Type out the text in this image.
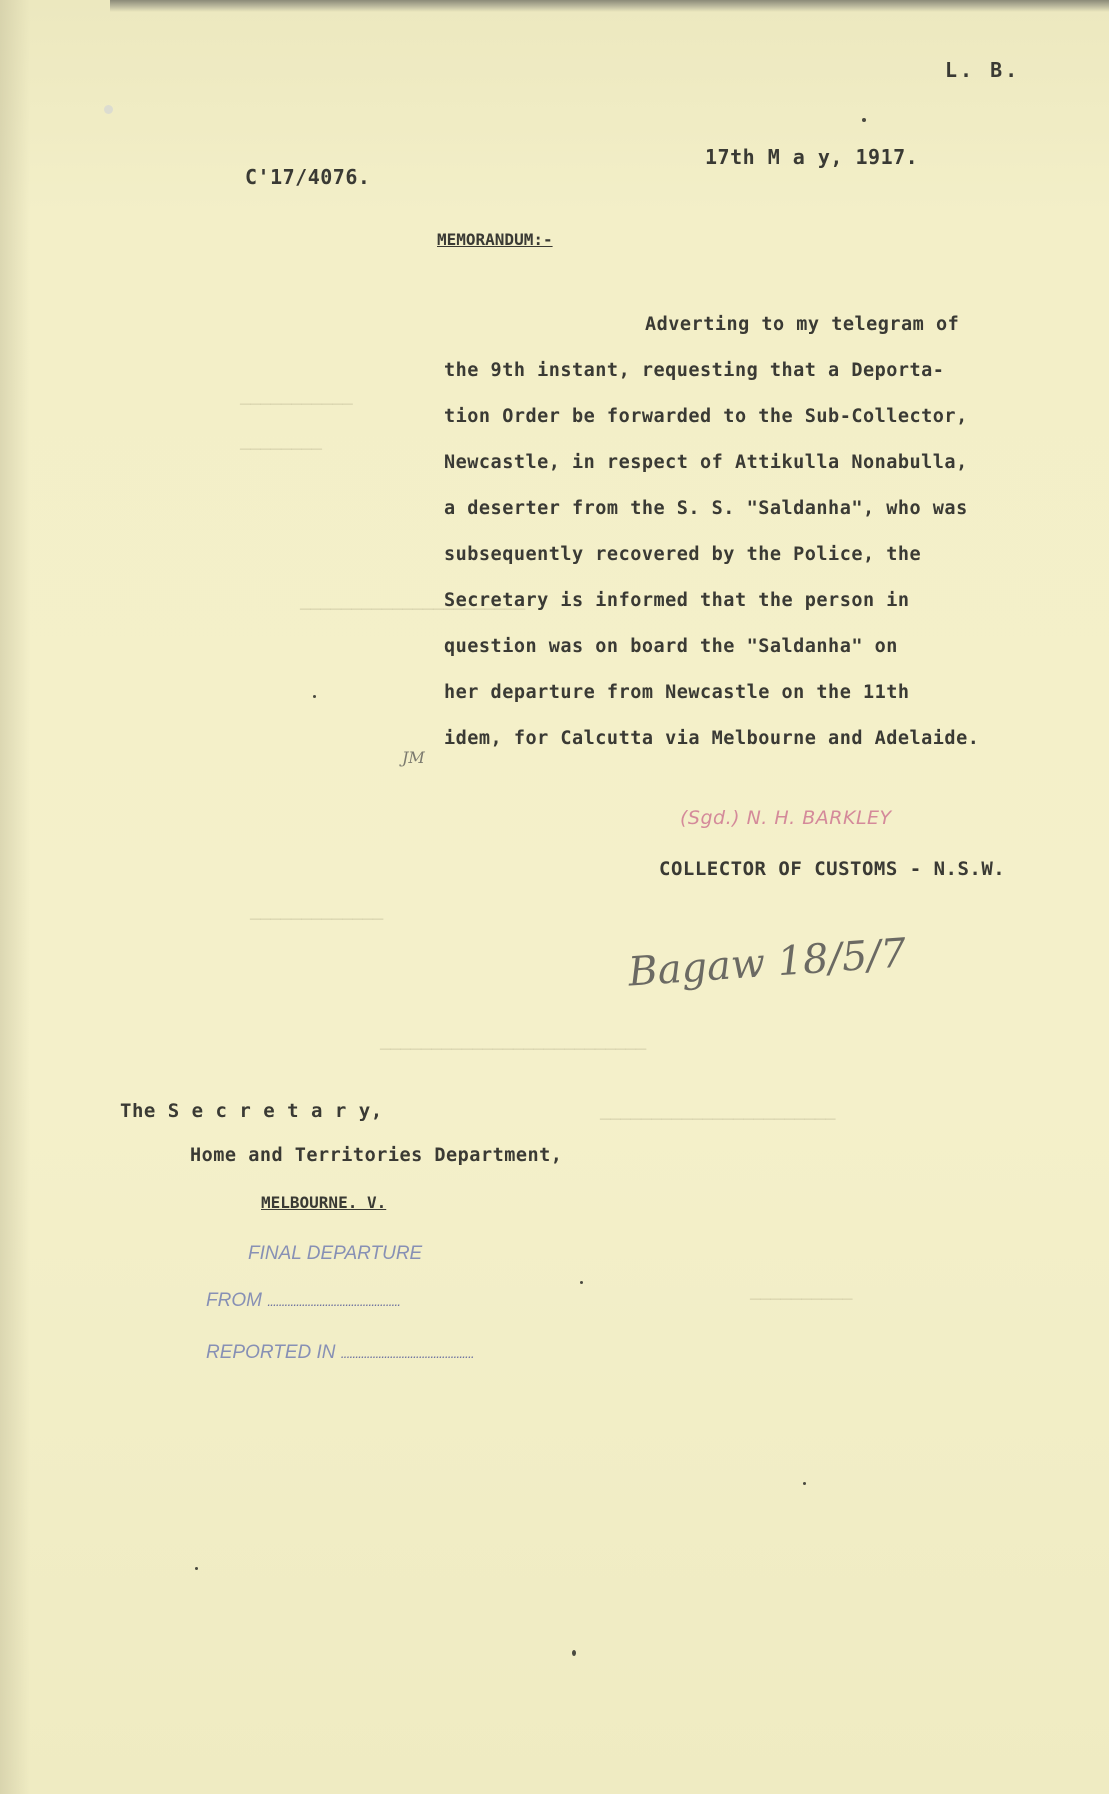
───────────
────────
──────────────────────
─────────────
──────────────────────────
───────────────────────
──────────
L. B.
C'17/4076.
17th M a y, 1917.
MEMORANDUM:-
Adverting to my telegram of
the 9th instant, requesting that a Deporta-
tion Order be forwarded to the Sub-Collector,
Newcastle, in respect of Attikulla Nonabulla,
a deserter from the S. S. "Saldanha", who was
subsequently recovered by the Police, the
Secretary is informed that the person in
question was on board the "Saldanha" on
her departure from Newcastle on the 11th
idem, for Calcutta via Melbourne and Adelaide.
JM
(Sgd.) N. H. BARKLEY
COLLECTOR OF CUSTOMS - N.S.W.
Bagaw 18/5/7
The S e c r e t a r y,
Home and Territories Department,
MELBOURNE. V.
FINAL DEPARTURE
FROM ..............................................
REPORTED IN ..............................................
